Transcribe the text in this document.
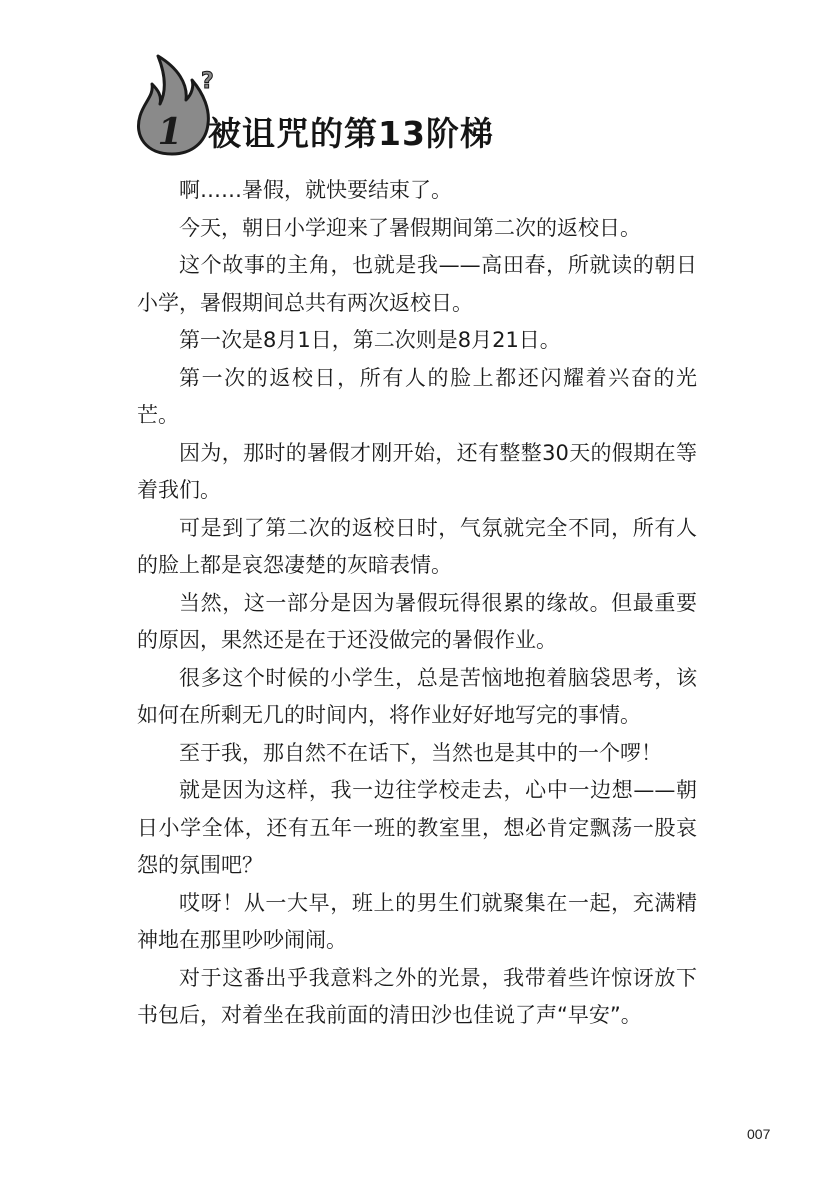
1
?
被诅咒的第13阶梯

啊……暑假，就快要结束了。

今天，朝日小学迎来了暑假期间第二次的返校日。

这个故事的主角，也就是我——高田春，所就读的朝日小学，暑假期间总共有两次返校日。

第一次是8月1日，第二次则是8月21日。

第一次的返校日，所有人的脸上都还闪耀着兴奋的光芒。

因为，那时的暑假才刚开始，还有整整30天的假期在等着我们。

可是到了第二次的返校日时，气氛就完全不同，所有人的脸上都是哀怨凄楚的灰暗表情。

当然，这一部分是因为暑假玩得很累的缘故。但最重要的原因，果然还是在于还没做完的暑假作业。

很多这个时候的小学生，总是苦恼地抱着脑袋思考，该如何在所剩无几的时间内，将作业好好地写完的事情。

至于我，那自然不在话下，当然也是其中的一个啰！

就是因为这样，我一边往学校走去，心中一边想——朝日小学全体，还有五年一班的教室里，想必肯定飘荡一股哀怨的氛围吧？

哎呀！从一大早，班上的男生们就聚集在一起，充满精神地在那里吵吵闹闹。

对于这番出乎我意料之外的光景，我带着些许惊讶放下书包后，对着坐在我前面的清田沙也佳说了声“早安”。

007
